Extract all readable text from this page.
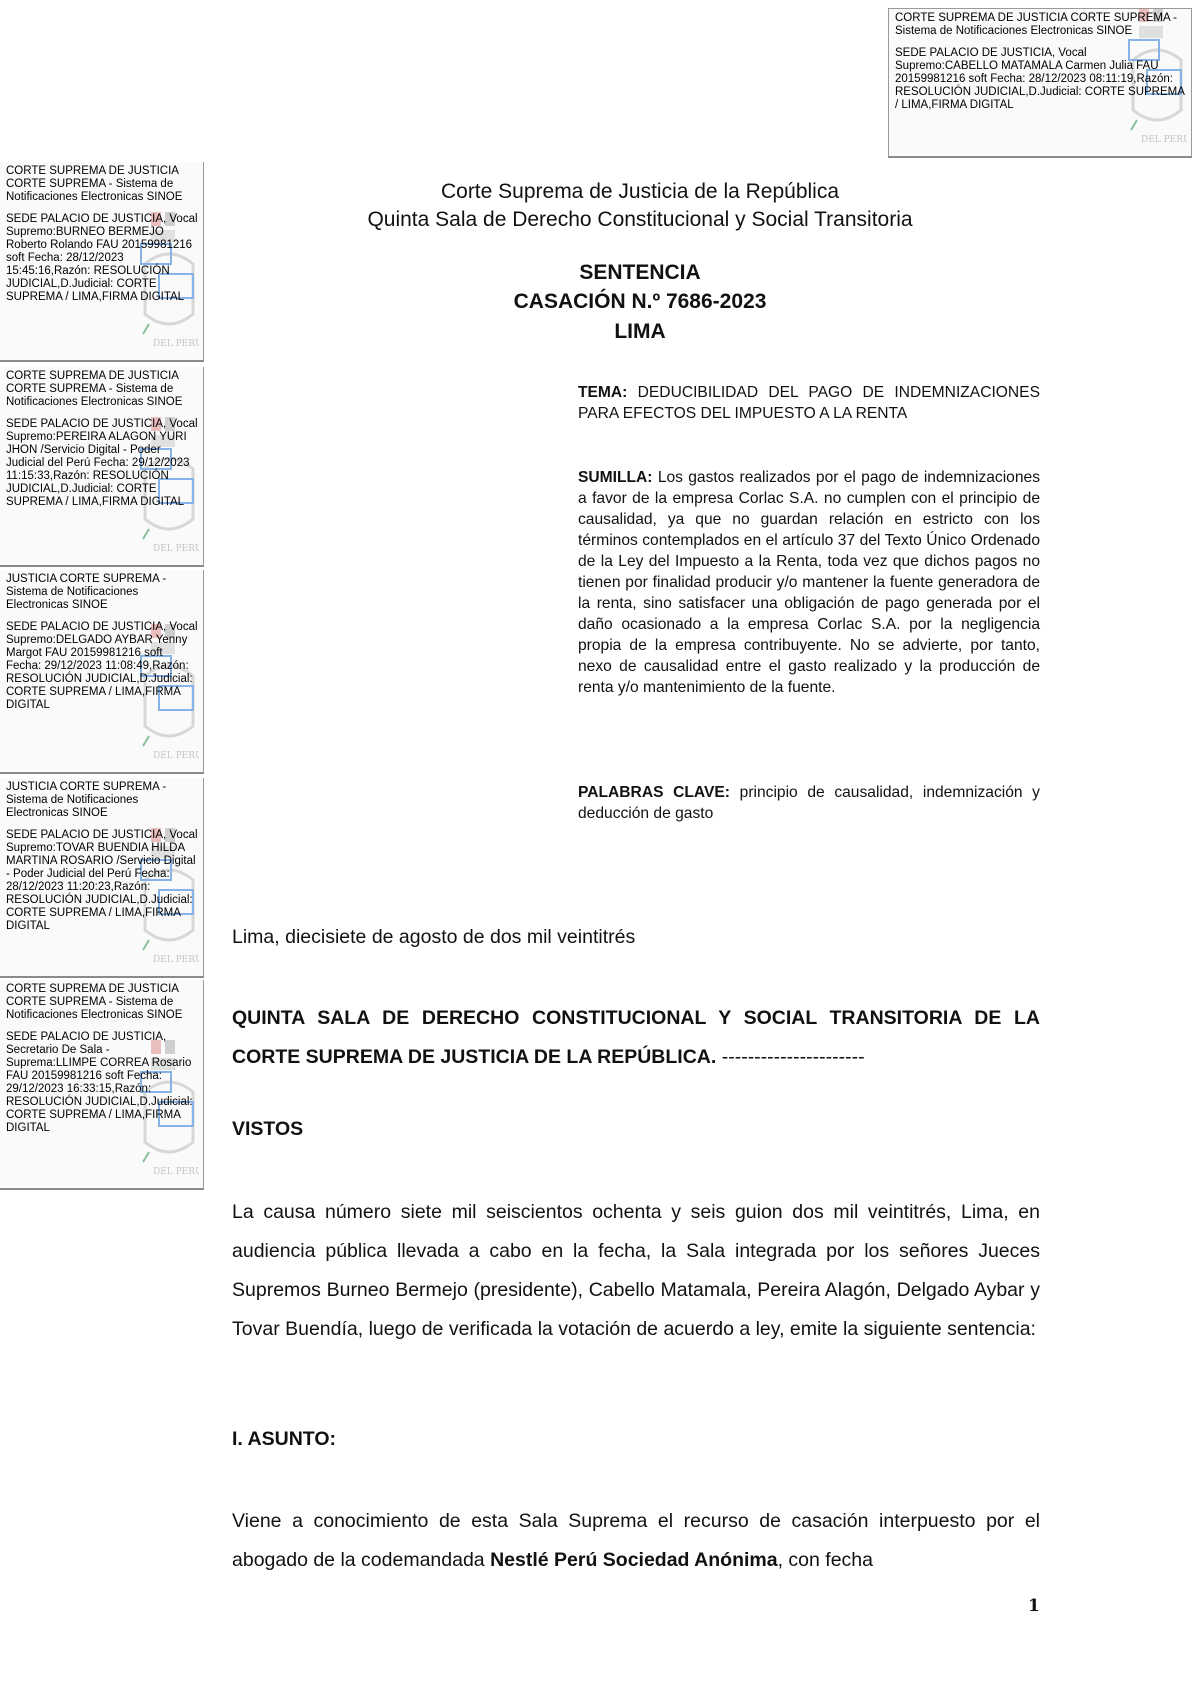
CORTE SUPREMA DE JUSTICIA CORTE SUPREMA - Sistema de Notificaciones Electronicas SINOE
SEDE PALACIO DE JUSTICIA, Vocal Supremo:CABELLO MATAMALA Carmen Julia FAU 20159981216 soft Fecha: 28/12/2023 08:11:19,Razón: RESOLUCIÓN JUDICIAL,D.Judicial: CORTE SUPREMA / LIMA,FIRMA DIGITAL
CORTE SUPREMA DE JUSTICIA CORTE SUPREMA - Sistema de Notificaciones Electronicas SINOE
SEDE PALACIO DE JUSTICIA, Vocal Supremo:BURNEO BERMEJO Roberto Rolando FAU 20159981216 soft Fecha: 28/12/2023 15:45:16,Razón: RESOLUCIÓN JUDICIAL,D.Judicial: CORTE SUPREMA / LIMA,FIRMA DIGITAL
CORTE SUPREMA DE JUSTICIA CORTE SUPREMA - Sistema de Notificaciones Electronicas SINOE
SEDE PALACIO DE JUSTICIA, Vocal Supremo:PEREIRA ALAGON YURI JHON /Servicio Digital - Poder Judicial del Perú Fecha: 29/12/2023 11:15:33,Razón: RESOLUCIÓN JUDICIAL,D.Judicial: CORTE SUPREMA / LIMA,FIRMA DIGITAL
JUSTICIA CORTE SUPREMA - Sistema de Notificaciones Electronicas SINOE
SEDE PALACIO DE JUSTICIA, Vocal Supremo:DELGADO AYBAR Yenny Margot FAU 20159981216 soft Fecha: 29/12/2023 11:08:49,Razón: RESOLUCIÓN JUDICIAL,D.Judicial: CORTE SUPREMA / LIMA,FIRMA DIGITAL
JUSTICIA CORTE SUPREMA - Sistema de Notificaciones Electronicas SINOE
SEDE PALACIO DE JUSTICIA, Vocal Supremo:TOVAR BUENDIA HILDA MARTINA ROSARIO /Servicio Digital - Poder Judicial del Perú Fecha: 28/12/2023 11:20:23,Razón: RESOLUCIÓN JUDICIAL,D.Judicial: CORTE SUPREMA / LIMA,FIRMA DIGITAL
CORTE SUPREMA DE JUSTICIA CORTE SUPREMA - Sistema de Notificaciones Electronicas SINOE
SEDE PALACIO DE JUSTICIA, Secretario De Sala - Suprema:LLIMPE CORREA Rosario FAU 20159981216 soft Fecha: 29/12/2023 16:33:15,Razón: RESOLUCIÓN JUDICIAL,D.Judicial: CORTE SUPREMA / LIMA,FIRMA DIGITAL
Corte Suprema de Justicia de la República
Quinta Sala de Derecho Constitucional y Social Transitoria
SENTENCIA
CASACIÓN N.º 7686-2023
LIMA
TEMA: DEDUCIBILIDAD DEL PAGO DE INDEMNIZACIONES PARA EFECTOS DEL IMPUESTO A LA RENTA
SUMILLA: Los gastos realizados por el pago de indemnizaciones a favor de la empresa Corlac S.A. no cumplen con el principio de causalidad, ya que no guardan relación en estricto con los términos contemplados en el artículo 37 del Texto Único Ordenado de la Ley del Impuesto a la Renta, toda vez que dichos pagos no tienen por finalidad producir y/o mantener la fuente generadora de la renta, sino satisfacer una obligación de pago generada por el daño ocasionado a la empresa Corlac S.A. por la negligencia propia de la empresa contribuyente. No se advierte, por tanto, nexo de causalidad entre el gasto realizado y la producción de renta y/o mantenimiento de la fuente.
PALABRAS CLAVE: principio de causalidad, indemnización y deducción de gasto
Lima, diecisiete de agosto de dos mil veintitrés
QUINTA SALA DE DERECHO CONSTITUCIONAL Y SOCIAL TRANSITORIA DE LA CORTE SUPREMA DE JUSTICIA DE LA REPÚBLICA. ----------------------
VISTOS
La causa número siete mil seiscientos ochenta y seis guion dos mil veintitrés, Lima, en audiencia pública llevada a cabo en la fecha, la Sala integrada por los señores Jueces Supremos Burneo Bermejo (presidente), Cabello Matamala, Pereira Alagón, Delgado Aybar y Tovar Buendía, luego de verificada la votación de acuerdo a ley, emite la siguiente sentencia:
I. ASUNTO:
Viene a conocimiento de esta Sala Suprema el recurso de casación interpuesto por el abogado de la codemandada Nestlé Perú Sociedad Anónima, con fecha
1
